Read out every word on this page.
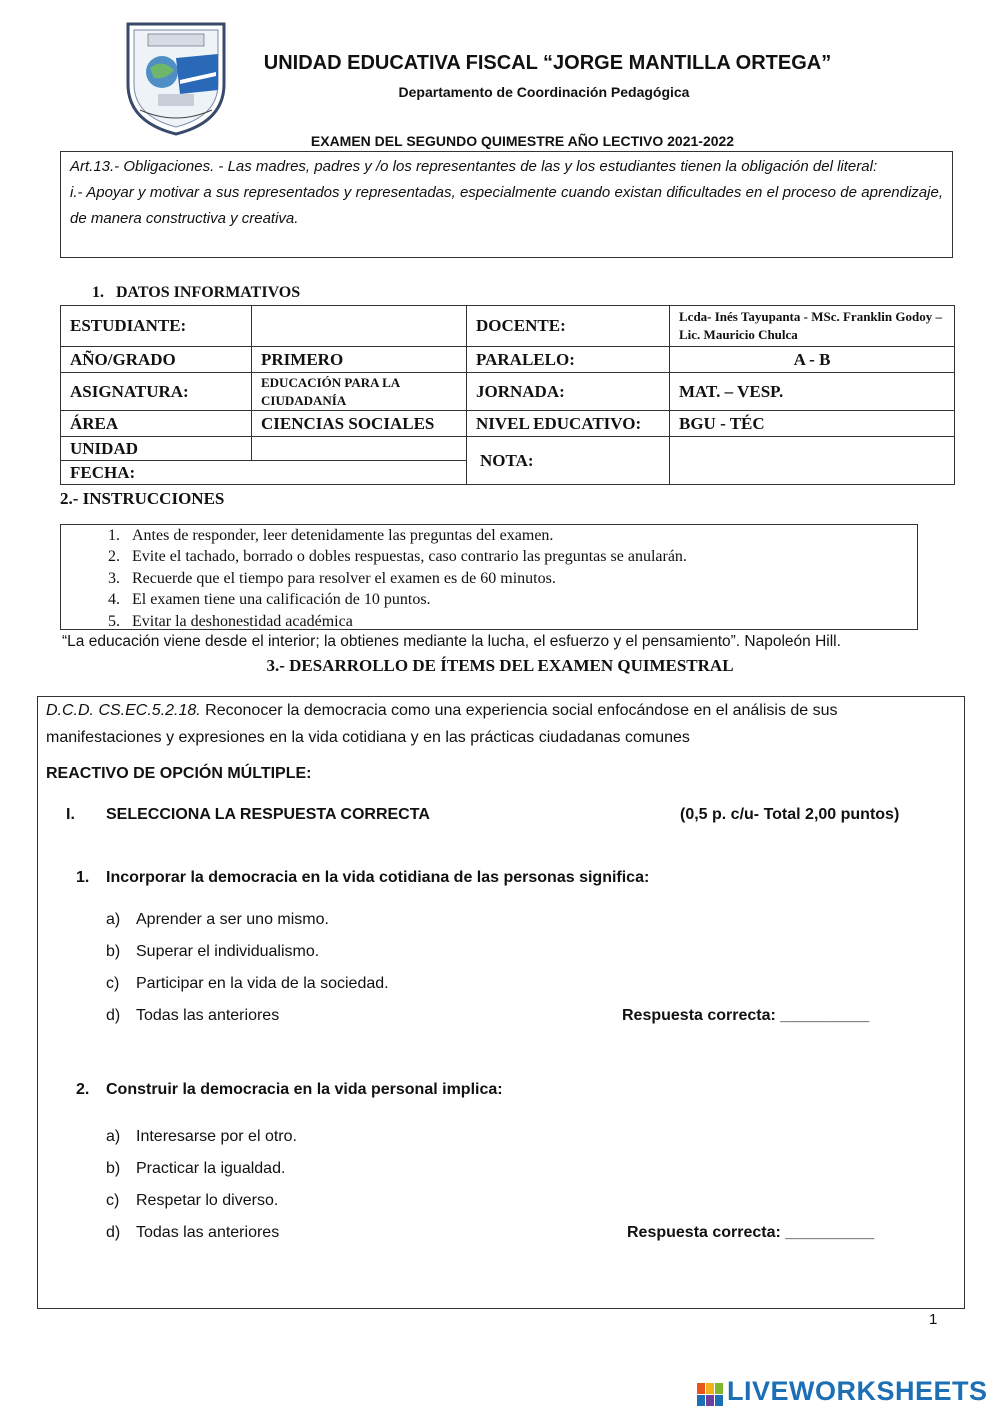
UNIDAD EDUCATIVA FISCAL “JORGE MANTILLA ORTEGA”
Departamento de Coordinación Pedagógica
EXAMEN DEL SEGUNDO QUIMESTRE AÑO LECTIVO 2021-2022
Art.13.- Obligaciones. - Las madres, padres y /o los representantes de las y los estudiantes tienen la obligación del literal:
i.- Apoyar y motivar a sus representados y representadas, especialmente cuando existan dificultades en el proceso de aprendizaje, de manera constructiva y creativa.
1.   DATOS INFORMATIVOS
ESTUDIANTE:		DOCENTE:	Lcda- Inés Tayupanta - MSc. Franklin Godoy – Lic. Mauricio Chulca
AÑO/GRADO	PRIMERO	PARALELO:	A - B
ASIGNATURA:	EDUCACIÓN PARA LA CIUDADANÍA	JORNADA:	MAT. – VESP.
ÁREA	CIENCIAS SOCIALES	NIVEL EDUCATIVO:	BGU - TÉC
UNIDAD		NOTA:	
FECHA:			
2.- INSTRUCCIONES
1. Antes de responder, leer detenidamente las preguntas del examen.
2. Evite el tachado, borrado o dobles respuestas, caso contrario las preguntas se anularán.
3. Recuerde que el tiempo para resolver el examen es de 60 minutos.
4. El examen tiene una calificación de 10 puntos.
5. Evitar la deshonestidad académica
“La educación viene desde el interior; la obtienes mediante la lucha, el esfuerzo y el pensamiento”. Napoleón Hill.
3.- DESARROLLO DE ÍTEMS DEL EXAMEN QUIMESTRAL
D.C.D. CS.EC.5.2.18. Reconocer la democracia como una experiencia social enfocándose en el análisis de sus manifestaciones y expresiones en la vida cotidiana y en las prácticas ciudadanas comunes
REACTIVO DE OPCIÓN MÚLTIPLE:
I. SELECCIONA LA RESPUESTA CORRECTA	(0,5 p. c/u- Total 2,00 puntos)
1. Incorporar la democracia en la vida cotidiana de las personas significa:
a) Aprender a ser uno mismo.
b) Superar el individualismo.
c) Participar en la vida de la sociedad.
d) Todas las anteriores	Respuesta correcta: __________
2. Construir la democracia en la vida personal implica:
a) Interesarse por el otro.
b) Practicar la igualdad.
c) Respetar lo diverso.
d) Todas las anteriores	Respuesta correcta: __________
1
LIVEWORKSHEETS
